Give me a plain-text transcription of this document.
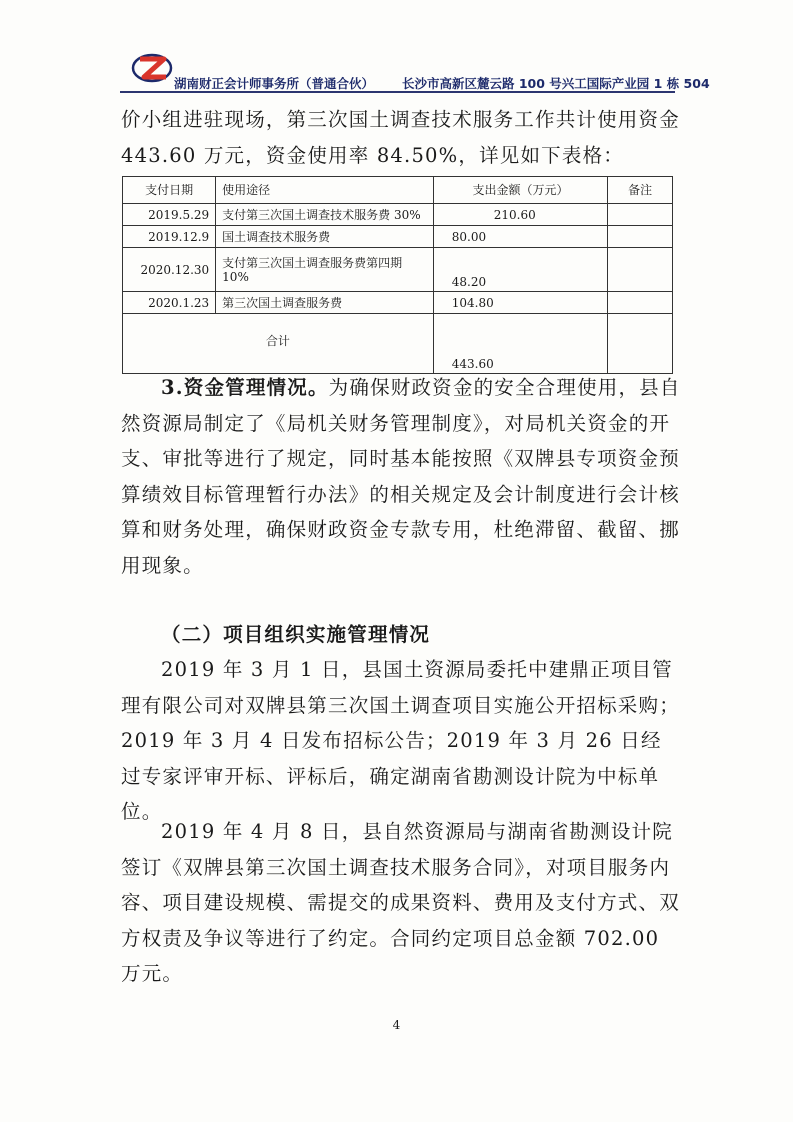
湖南财正会计师事务所（普通合伙） 长沙市高新区麓云路 100 号兴工国际产业园 1 栋 504
价小组进驻现场，第三次国土调查技术服务工作共计使用资金 443.60 万元，资金使用率 84.50%，详见如下表格：
支付日期	使用途径	支出金额（万元）	备注
2019.5.29	支付第三次国土调查技术服务费 30%	210.60	
2019.12.9	国土调查技术服务费	80.00	
2020.12.30	支付第三次国土调查服务费第四期 10%	48.20	
2020.1.23	第三次国土调查服务费	104.80	
合计		443.60	
3.资金管理情况。为确保财政资金的安全合理使用，县自然资源局制定了《局机关财务管理制度》，对局机关资金的开支、审批等进行了规定，同时基本能按照《双牌县专项资金预算绩效目标管理暂行办法》的相关规定及会计制度进行会计核算和财务处理，确保财政资金专款专用，杜绝滞留、截留、挪用现象。
（二）项目组织实施管理情况
2019 年 3 月 1 日，县国土资源局委托中建鼎正项目管理有限公司对双牌县第三次国土调查项目实施公开招标采购；2019 年 3 月 4 日发布招标公告；2019 年 3 月 26 日经过专家评审开标、评标后，确定湖南省勘测设计院为中标单位。
2019 年 4 月 8 日，县自然资源局与湖南省勘测设计院签订《双牌县第三次国土调查技术服务合同》，对项目服务内容、项目建设规模、需提交的成果资料、费用及支付方式、双方权责及争议等进行了约定。合同约定项目总金额 702.00 万元。
4
